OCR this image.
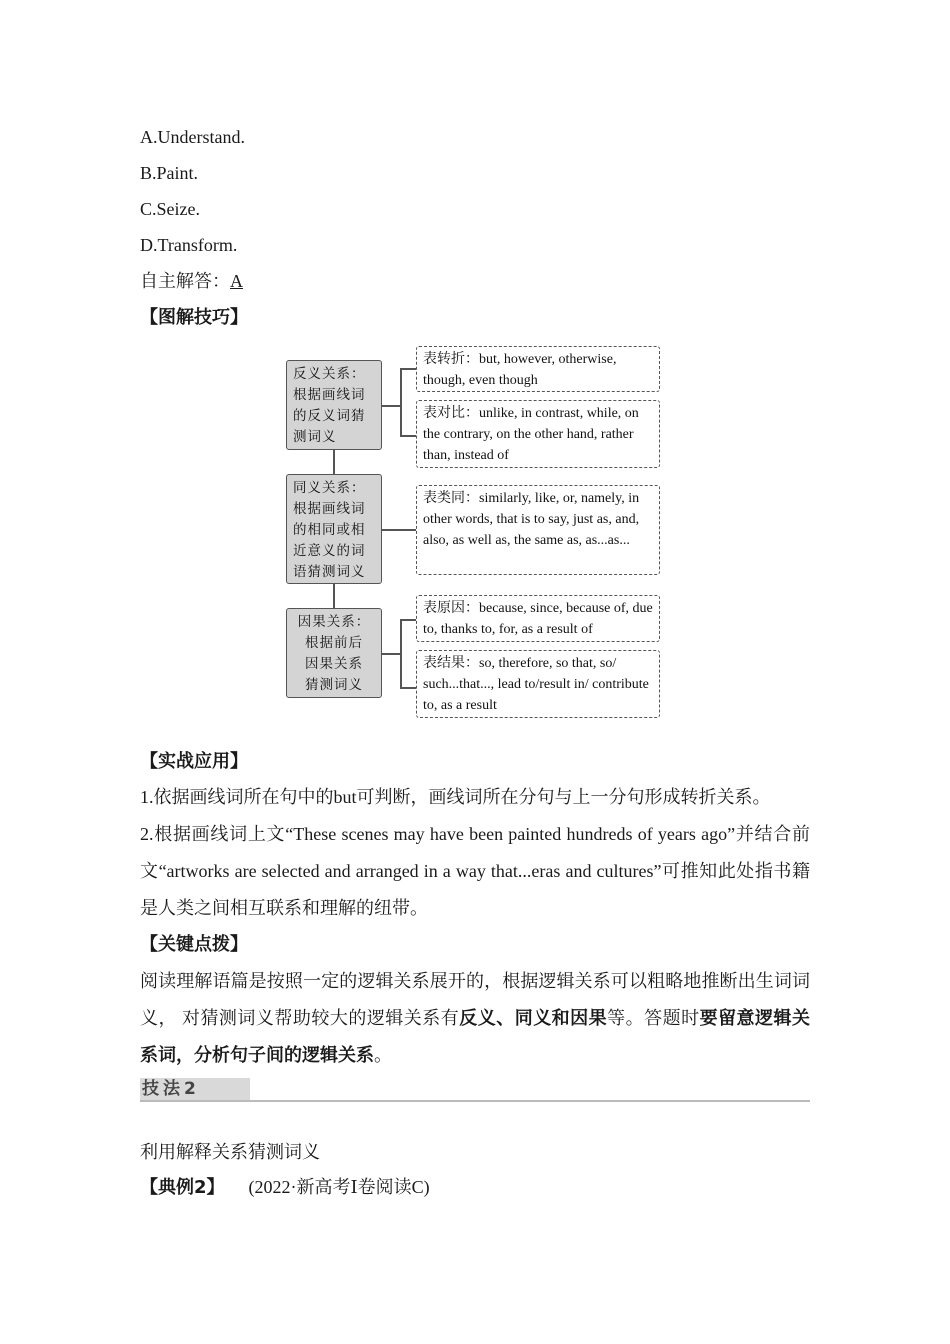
A.Understand.
B.Paint.
C.Seize.
D.Transform.
自主解答：A
【图解技巧】
反义关系：
根据画线词
的反义词猜
测词义
同义关系：
根据画线词
的相同或相
近意义的词
语猜测词义
因果关系：
根据前后
因果关系
猜测词义
表转折：but, however, otherwise, though, even though
表对比：unlike, in contrast, while, on the contrary, on the other hand, rather than, instead of
表类同：similarly, like, or, namely, in other words, that is to say, just as, and, also, as well as, the same as, as...as...
表原因：because, since, because of, due to, thanks to, for, as a result of
表结果：so, therefore, so that, so/ such...that..., lead to/result in/ contribute to, as a result
【实战应用】
1.依据画线词所在句中的but可判断，画线词所在分句与上一分句形成转折关系。
2.根据画线词上文“These scenes may have been painted hundreds of years ago”并结合前文“artworks are selected and arranged in a way that...eras and cultures”可推知此处指书籍是人类之间相互联系和理解的纽带。
【关键点拨】
阅读理解语篇是按照一定的逻辑关系展开的，根据逻辑关系可以粗略地推断出生词词义， 对猜测词义帮助较大的逻辑关系有反义、同义和因果等。答题时要留意逻辑关系词，分析句子间的逻辑关系。
技法2
利用解释关系猜测词义
【典例2】 (2022·新高考Ⅰ卷阅读C)
